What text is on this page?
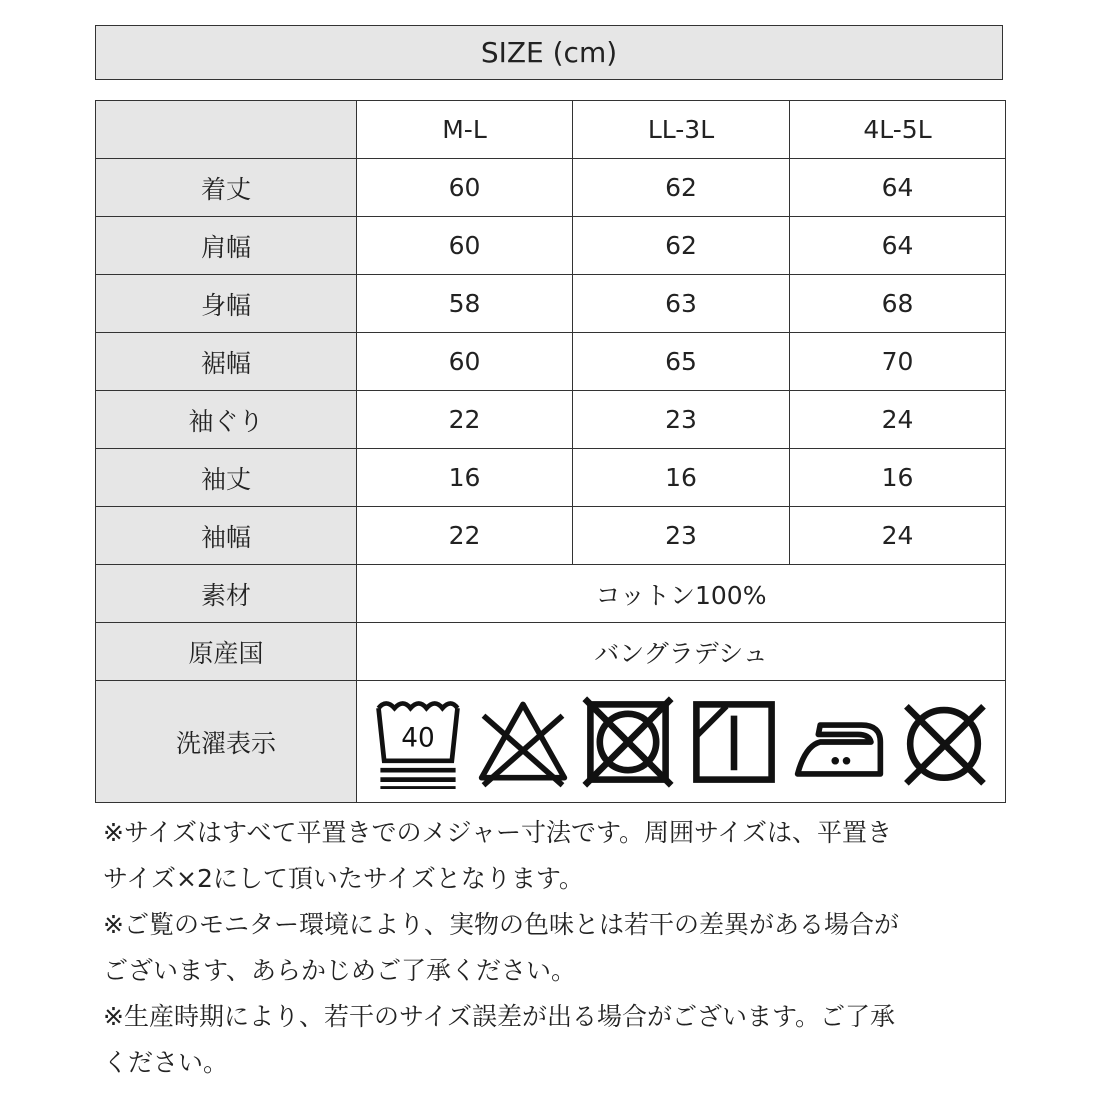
SIZE (cm)
	M-L	LL-3L	4L-5L
着丈	60	62	64
肩幅	60	62	64
身幅	58	63	68
裾幅	60	65	70
袖ぐり	22	23	24
袖丈	16	16	16
袖幅	22	23	24
素材	コットン100%		
原産国	バングラデシュ		
洗濯表示	40		

※サイズはすべて平置きでのメジャー寸法です。周囲サイズは、平置き

サイズ×2にして頂いたサイズとなります。

※ご覧のモニター環境により、実物の色味とは若干の差異がある場合が

ございます、あらかじめご了承ください。

※生産時期により、若干のサイズ誤差が出る場合がございます。ご了承

ください。
